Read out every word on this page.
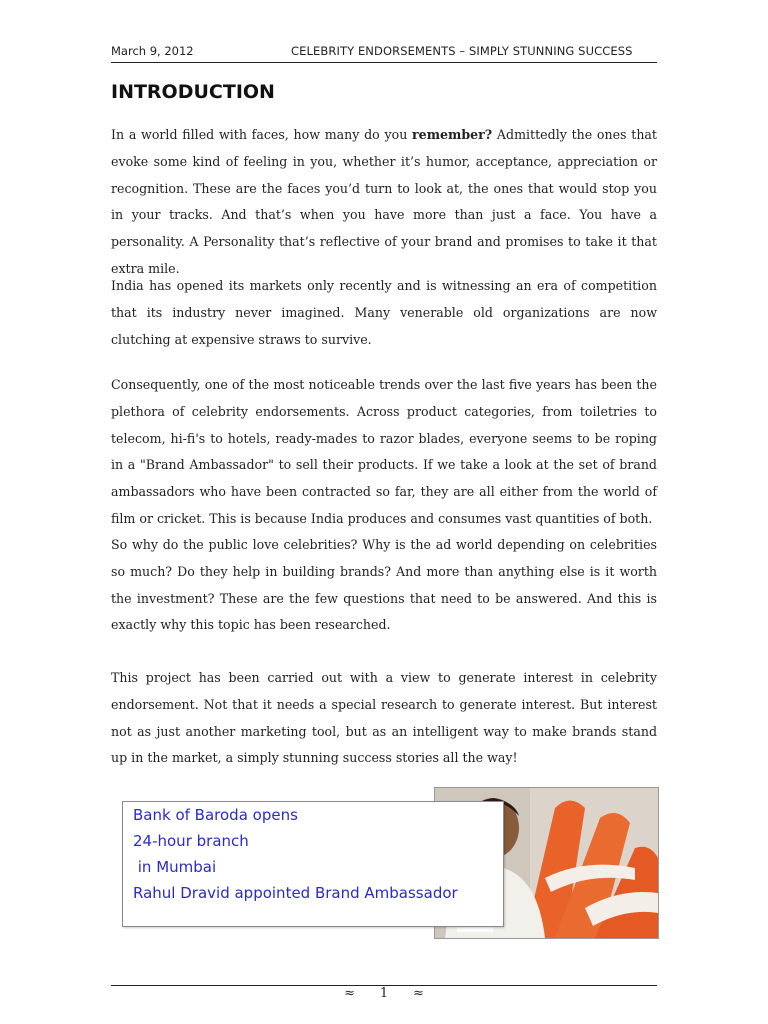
March 9, 2012	CELEBRITY ENDORSEMENTS – SIMPLY STUNNING SUCCESS
INTRODUCTION

In a world filled with faces, how many do you remember? Admittedly the ones that evoke some kind of feeling in you, whether it’s humor, acceptance, appreciation or recognition. These are the faces you’d turn to look at, the ones that would stop you in your tracks. And that’s when you have more than just a face. You have a personality. A Personality that’s reflective of your brand and promises to take it that extra mile.

India has opened its markets only recently and is witnessing an era of competition that its industry never imagined. Many venerable old organizations are now clutching at expensive straws to survive.

Consequently, one of the most noticeable trends over the last five years has been the plethora of celebrity endorsements. Across product categories, from toiletries to telecom, hi-fi's to hotels, ready-mades to razor blades, everyone seems to be roping in a "Brand Ambassador" to sell their products. If we take a look at the set of brand ambassadors who have been contracted so far, they are all either from the world of film or cricket. This is because India produces and consumes vast quantities of both.

So why do the public love celebrities? Why is the ad world depending on celebrities so much? Do they help in building brands? And more than anything else is it worth the investment? These are the few questions that need to be answered. And this is exactly why this topic has been researched.

This project has been carried out with a view to generate interest in celebrity endorsement. Not that it needs a special research to generate interest. But interest not as just another marketing tool, but as an intelligent way to make brands stand up in the market, a simply stunning success stories all the way!

Bank of Baroda opens
24-hour branch
in Mumbai
Rahul Dravid appointed Brand Ambassador
≈ 1 ≈
